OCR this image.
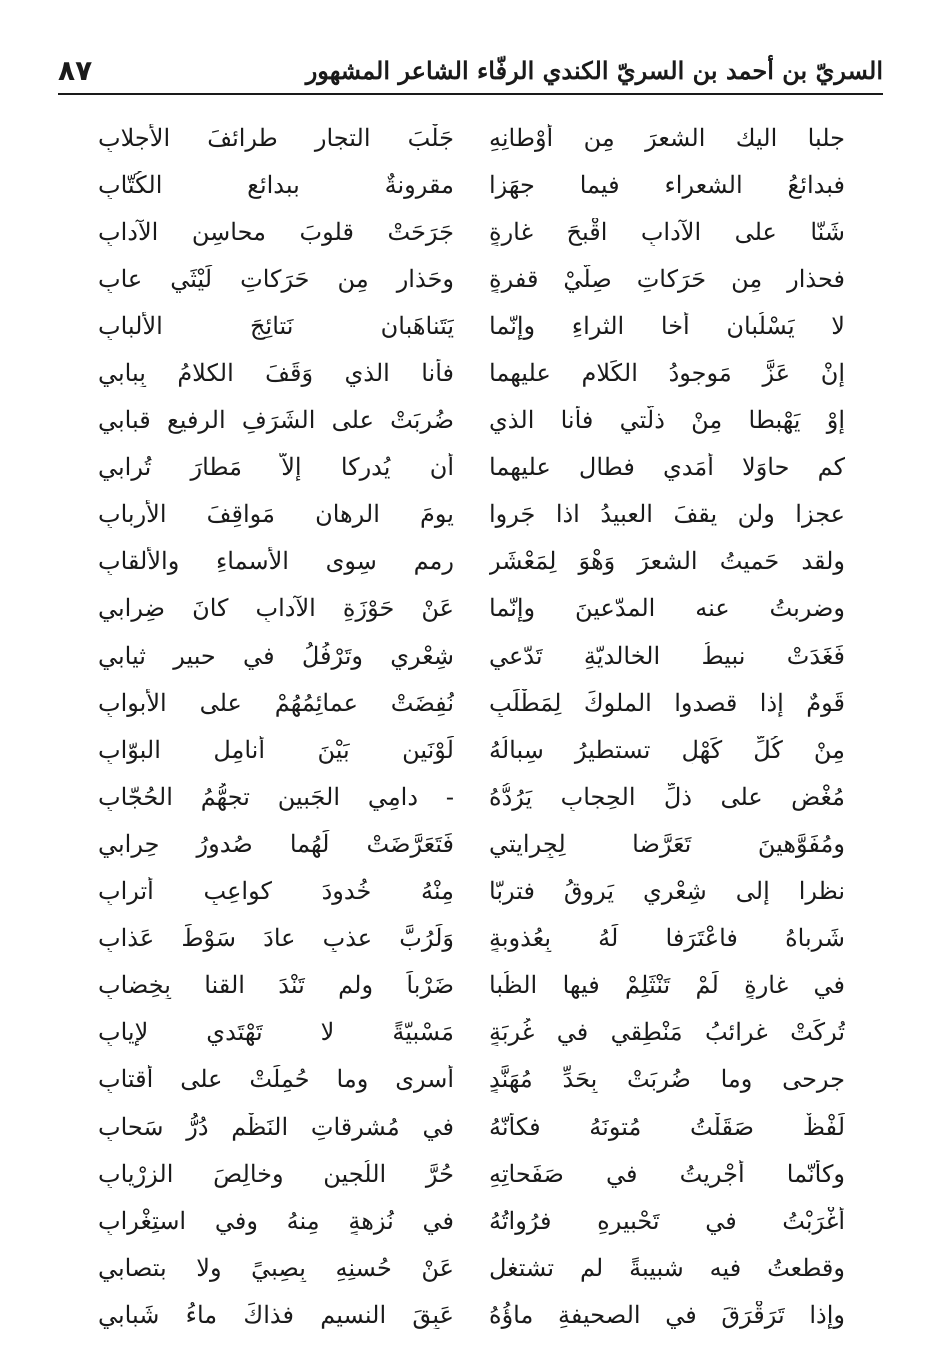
٨٧	السريّ بن أحمد بن السريّ الكندي الرفّاء الشاعر المشهور
جلبا اليك الشعرَ مِن أوْطانِهِ
جَلْبَ التجارِ طرائفَ الأجلابِ
فبدائعُ الشعراء فيما جهَزا
مقرونةٌ ببدائعِ الكُتّابِ
شَنّا على الآدابِ اقْبحَ غارةٍ
جَرَحَتْ قلوبَ محاسِنِ الآدابِ
فحذارِ مِن حَرَكاتِ صِلّيْ قفرةٍ
وحَذارِ مِن حَرَكاتِ لَيْثَي عابِ
لا يَسْلُبانِ أخا الثراءِ وإنّما
يَتَناهَبانِ نَتائِجَ الألبابِ
إنْ عَزَّ مَوجودُ الكَلامِ عليهما
فأنا الذي وَقَفَ الكلامُ بِبابي
إوْ يَهْبطا مِنْ ذلّتي فأنا الذي
ضُرِبَتْ على الشَرَفِ الرفيعِ قبابي
كم حاوَلا أمَدي فطال عليهما
أن يُدرِكا إلاّ مَطارَ تُرابي
عجزا ولن يقفَ العبيدُ اذا جَروا
يومَ الرهانِ مَواقِفَ الأربابِ
ولقد حَميتُ الشعرَ وَهْوَ لِمَعْشَرٍ
رمم سِوى الأسماءِ والألقابِ
وضربتُ عنه المدّعينَ وإنّما
عَنْ حَوْزَةِ الآدابِ كانَ ضِرابي
فَغَدَتْ نبيطُ الخالديّةِ تَدّعي
شِعْري وتَرْفُلُ في حبيرِ ثيابي
قَومٌ إذا قصدوا الملوكَ لِمَطْلَبٍ
نُفِضَتْ عمائِمُهُمْ على الأبوابِ
مِنْ كُلِّ كَهْلٍ تستطيرُ سِبالُهُ
لَوْنَينِ بَيْنَ أنامِلِ البوّابِ
مُغْضٍ على ذلِّ الحِجابِ يَرُدُّهُ
- دامِي الجَبينِ تجهُّمُ الحُجّابِ
ومُفَوَّهينَ تَعَرَّضا لِجِرايتي
فَتَعَرَّضَتْ لَهُما صُدورُ حِرابي
نظرا إلى شِعْري يَروقُ فتربّا
مِنْهُ خُدودَ كواعِبٍ أترابِ
شَرِباهُ فاعْتَرَفا لَهُ بِعُذوبةٍ
وَلَرُبَّ عذبٍ عادَ سَوْطَ عَذابِ
في غارةٍ لَمْ تَنْثَلِمْ فيها الظُبا
ضَرْباً ولم تَنْدَ القنا بِخِضابِ
تُرِكَتْ غرائبُ مَنْطِقي في غُربَةٍ
مَسْبيّةً لا تَهْتَدي لإيابِ
جرحى وما ضُرِبَتْ بِحَدِّ مُهَنَّدٍ
أسرى وما حُمِلَتْ على أقتابِ
لَفْظٌ صَقَلْتُ مُتونَهُ فكأنّهُ
في مُشرِقاتِ النَظْمِ دُرُّ سَحابِ
وكأنّما أجْرِيتُ في صَفَحاتِهِ
حُرَّ اللُجينِ وخالِصَ الزِرْيابِ
أغْرَبْتُ في تَحْبيرِهِ فرُواتُهُ
في نُزهةٍ مِنهُ وفي استِغْرابِ
وقطعتُ فيه شبيبةً لم تشتغل
عَنْ حُسنِهِ بِصِبيً ولا بتصابي
وإذا تَرَقْرَقَ في الصحيفةِ ماؤُهُ
عَبِقَ النسيمِ فذاكَ ماءُ شَبابي
